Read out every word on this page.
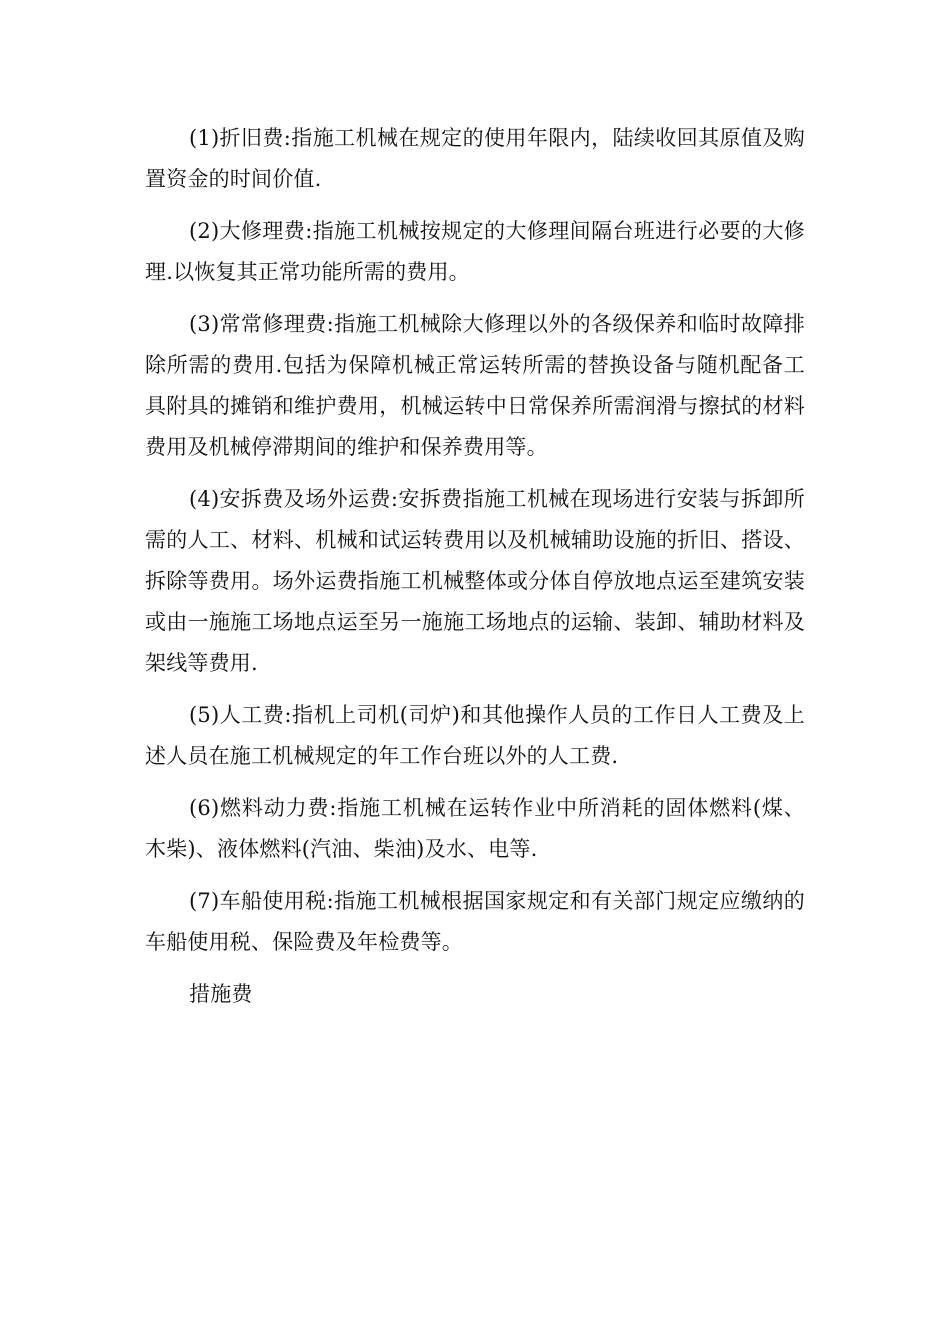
(1)折旧费:指施工机械在规定的使用年限内，陆续收回其原值及购置资金的时间价值.

(2)大修理费:指施工机械按规定的大修理间隔台班进行必要的大修理.以恢复其正常功能所需的费用。

(3)常常修理费:指施工机械除大修理以外的各级保养和临时故障排除所需的费用.包括为保障机械正常运转所需的替换设备与随机配备工具附具的摊销和维护费用，机械运转中日常保养所需润滑与擦拭的材料费用及机械停滞期间的维护和保养费用等。

(4)安拆费及场外运费:安拆费指施工机械在现场进行安装与拆卸所需的人工、材料、机械和试运转费用以及机械辅助设施的折旧、搭设、拆除等费用。场外运费指施工机械整体或分体自停放地点运至建筑安装或由一施施工场地点运至另一施施工场地点的运输、装卸、辅助材料及架线等费用.

(5)人工费:指机上司机(司炉)和其他操作人员的工作日人工费及上述人员在施工机械规定的年工作台班以外的人工费.

(6)燃料动力费:指施工机械在运转作业中所消耗的固体燃料(煤、木柴)、液体燃料(汽油、柴油)及水、电等.

(7)车船使用税:指施工机械根据国家规定和有关部门规定应缴纳的车船使用税、保险费及年检费等。

措施费
